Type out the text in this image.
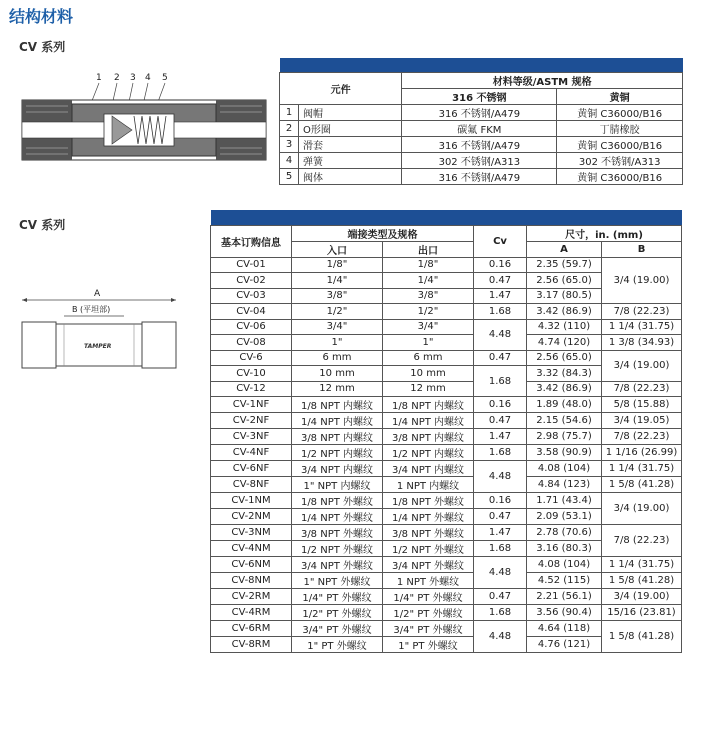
结构材料
CV 系列
CV 系列
1 2 3 4 5
A
B (平坦部)
TAMPER

元件		材料等级/ASTM 规格	
		316 不锈钢	黄铜
1	阀帽	316 不锈钢/A479	黄铜 C36000/B16
2	O形圈	碳氟 FKM	丁腈橡胶
3	滑套	316 不锈钢/A479	黄铜 C36000/B16
4	弹簧	302 不锈钢/A313	302 不锈钢/A313
5	阀体	316 不锈钢/A479	黄铜 C36000/B16

基本订购信息	端接类型及规格		Cv	尺寸，in. (mm)	
	入口	出口		A	B
CV-01	1/8"	1/8"	0.16	2.35 (59.7)	3/4 (19.00)
CV-02	1/4"	1/4"	0.47	2.56 (65.0)	
CV-03	3/8"	3/8"	1.47	3.17 (80.5)	
CV-04	1/2"	1/2"	1.68	3.42 (86.9)	7/8 (22.23)
CV-06	3/4"	3/4"	4.48	4.32 (110)	1 1/4 (31.75)
CV-08	1"	1"		4.74 (120)	1 3/8 (34.93)
CV-6	6 mm	6 mm	0.47	2.56 (65.0)	3/4 (19.00)
CV-10	10 mm	10 mm	1.68	3.32 (84.3)	
CV-12	12 mm	12 mm		3.42 (86.9)	7/8 (22.23)
CV-1NF	1/8 NPT 内螺纹	1/8 NPT 内螺纹	0.16	1.89 (48.0)	5/8 (15.88)
CV-2NF	1/4 NPT 内螺纹	1/4 NPT 内螺纹	0.47	2.15 (54.6)	3/4 (19.05)
CV-3NF	3/8 NPT 内螺纹	3/8 NPT 内螺纹	1.47	2.98 (75.7)	7/8 (22.23)
CV-4NF	1/2 NPT 内螺纹	1/2 NPT 内螺纹	1.68	3.58 (90.9)	1 1/16 (26.99)
CV-6NF	3/4 NPT 内螺纹	3/4 NPT 内螺纹	4.48	4.08 (104)	1 1/4 (31.75)
CV-8NF	1" NPT 内螺纹	1 NPT 内螺纹		4.84 (123)	1 5/8 (41.28)
CV-1NM	1/8 NPT 外螺纹	1/8 NPT 外螺纹	0.16	1.71 (43.4)	3/4 (19.00)
CV-2NM	1/4 NPT 外螺纹	1/4 NPT 外螺纹	0.47	2.09 (53.1)	
CV-3NM	3/8 NPT 外螺纹	3/8 NPT 外螺纹	1.47	2.78 (70.6)	7/8 (22.23)
CV-4NM	1/2 NPT 外螺纹	1/2 NPT 外螺纹	1.68	3.16 (80.3)	
CV-6NM	3/4 NPT 外螺纹	3/4 NPT 外螺纹	4.48	4.08 (104)	1 1/4 (31.75)
CV-8NM	1" NPT 外螺纹	1 NPT 外螺纹		4.52 (115)	1 5/8 (41.28)
CV-2RM	1/4" PT 外螺纹	1/4" PT 外螺纹	0.47	2.21 (56.1)	3/4 (19.00)
CV-4RM	1/2" PT 外螺纹	1/2" PT 外螺纹	1.68	3.56 (90.4)	15/16 (23.81)
CV-6RM	3/4" PT 外螺纹	3/4" PT 外螺纹	4.48	4.64 (118)	1 5/8 (41.28)
CV-8RM	1" PT 外螺纹	1" PT 外螺纹		4.76 (121)	
